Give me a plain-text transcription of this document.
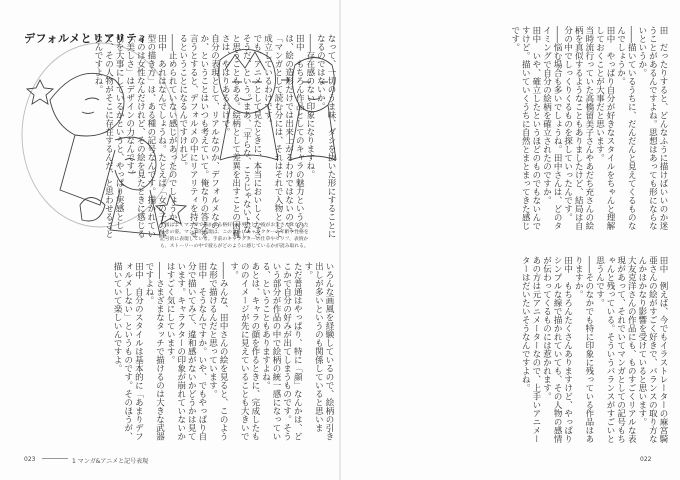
デフォルメとリアリティ
上図はよくマンガで描かれる格好いい男性と、彼がお父さんになったときの姿。マンガ的表現は、このようにキャラクターの年齢や性格を記号的に表現している。手前のキャラクターの仕草やセリフ、表情から、ストーリーの中で彼らがどのように感じているかが読み取れる。

なって、一切のうま味、ダシを抜いた形にすることになるのではないか。

――存在感のない印象になりますね。

田中　もちろん作品としてのキャラの魅力というのは、絵の造形だけでは出来上がるわけではないので、「マンガとして読む分には、それはそれで入物として成立しているわけです。

でも、アニメとして見たときに、本当においしくなさそうだ、という。まあ、「平らな、こうじゃないよな」と思うこともある。絵柄として差異を出すことの困難さは、やはりあるわけで。

自分の表現として、リアルなのか、デフォルメなのか、ということはいつも考えていて。俺なりの答えを言うとすると、デフォルメの中にリアリティを持たせるということになるんですけれど。

――止められていない感じがあったのでしょうか。

田中　あれはなんでしょうね。たとえば「女の子の体型の描き方」は、ある種の記号なんです。描かれているのは女性なんだけれど、その絵を見たときに感じる「美しさ」はデザインの力なんです。

何を大事にしているかというと、やっぱり実感として、その人物がそこに存在するんだ、と思わせることなんですよね。

いろんな画風を経験しているので、絵柄の引き出しが多いというのも関係していると思います。

ただ普通はやっぱり、特に「顔」なんかは、どこかで自分の好みが出てしまうものです。そういう部分が作品の中で絵柄の統一感になっている、ということもありますよね。

あとは、キャラの顔を作るときに、完成したもののイメージが先に見えていることも大きいです。

――みんな、田中さんの絵を見ると、このような形で描けるんだと思っています。

田中　そうなんですか。いや、でもやっぱり自分で描いてみて、違和感がないかどうかは見ています。キャラクターの印象が崩れていないかはすごく気にしています。

――さまざまなタッチで描けるのは大きな武器ですよね。

田中　自分のスタイルは基本的に「あまりデフォルメしない」というものです。そのほうが、描いていて楽しいんですよ。

田　だったりすると、どんなふうに描けばいいのか迷うことがあるんですよね。思想はあっても形にならないというか。

――描いているうちに、だんだんと見えてくるものなんでしょうか。

田中　やっぱり自分が好きなスタイルをちゃんと理解しておくことが大事だと思います。

当時流行っていた高橋留美子さんやあだち充さんの絵柄を真似するようなこともありましたけど、結局は自分の中でしっくりくるものを探していったんです。

――悩む場合も多いでしょうね。田中さんは、どのタイミングで自分の絵柄を確立されたのですか。

田中　いや、確立したというほどのものでもないんですけど。描いていくうちに自然とまとまってきた感じです。

田中　例えば、今でもイラストレーターの麻宮騎亜さんの絵がすごく好きで、バランスの取り方なんかはかなり影響を受けていると思います。

大友克洋さんの作品にも、ものすごくリアルな表現があって、それでいてマンガとしての記号もちゃんと残っている。そういうバランスがすごいと思うんです。

――そのなかでも特に印象に残っている作品はありますか。

田中　もちろんたくさんありますけど、やっぱりシンプルな線で描かれていても、その人物の感情が伝わってくるものには惹かれます。

あの方は元アニメーターなので、上手いアニメーターはだいたいそうなんですよね。

023	1 マンガ&アニメと記号表現	022
